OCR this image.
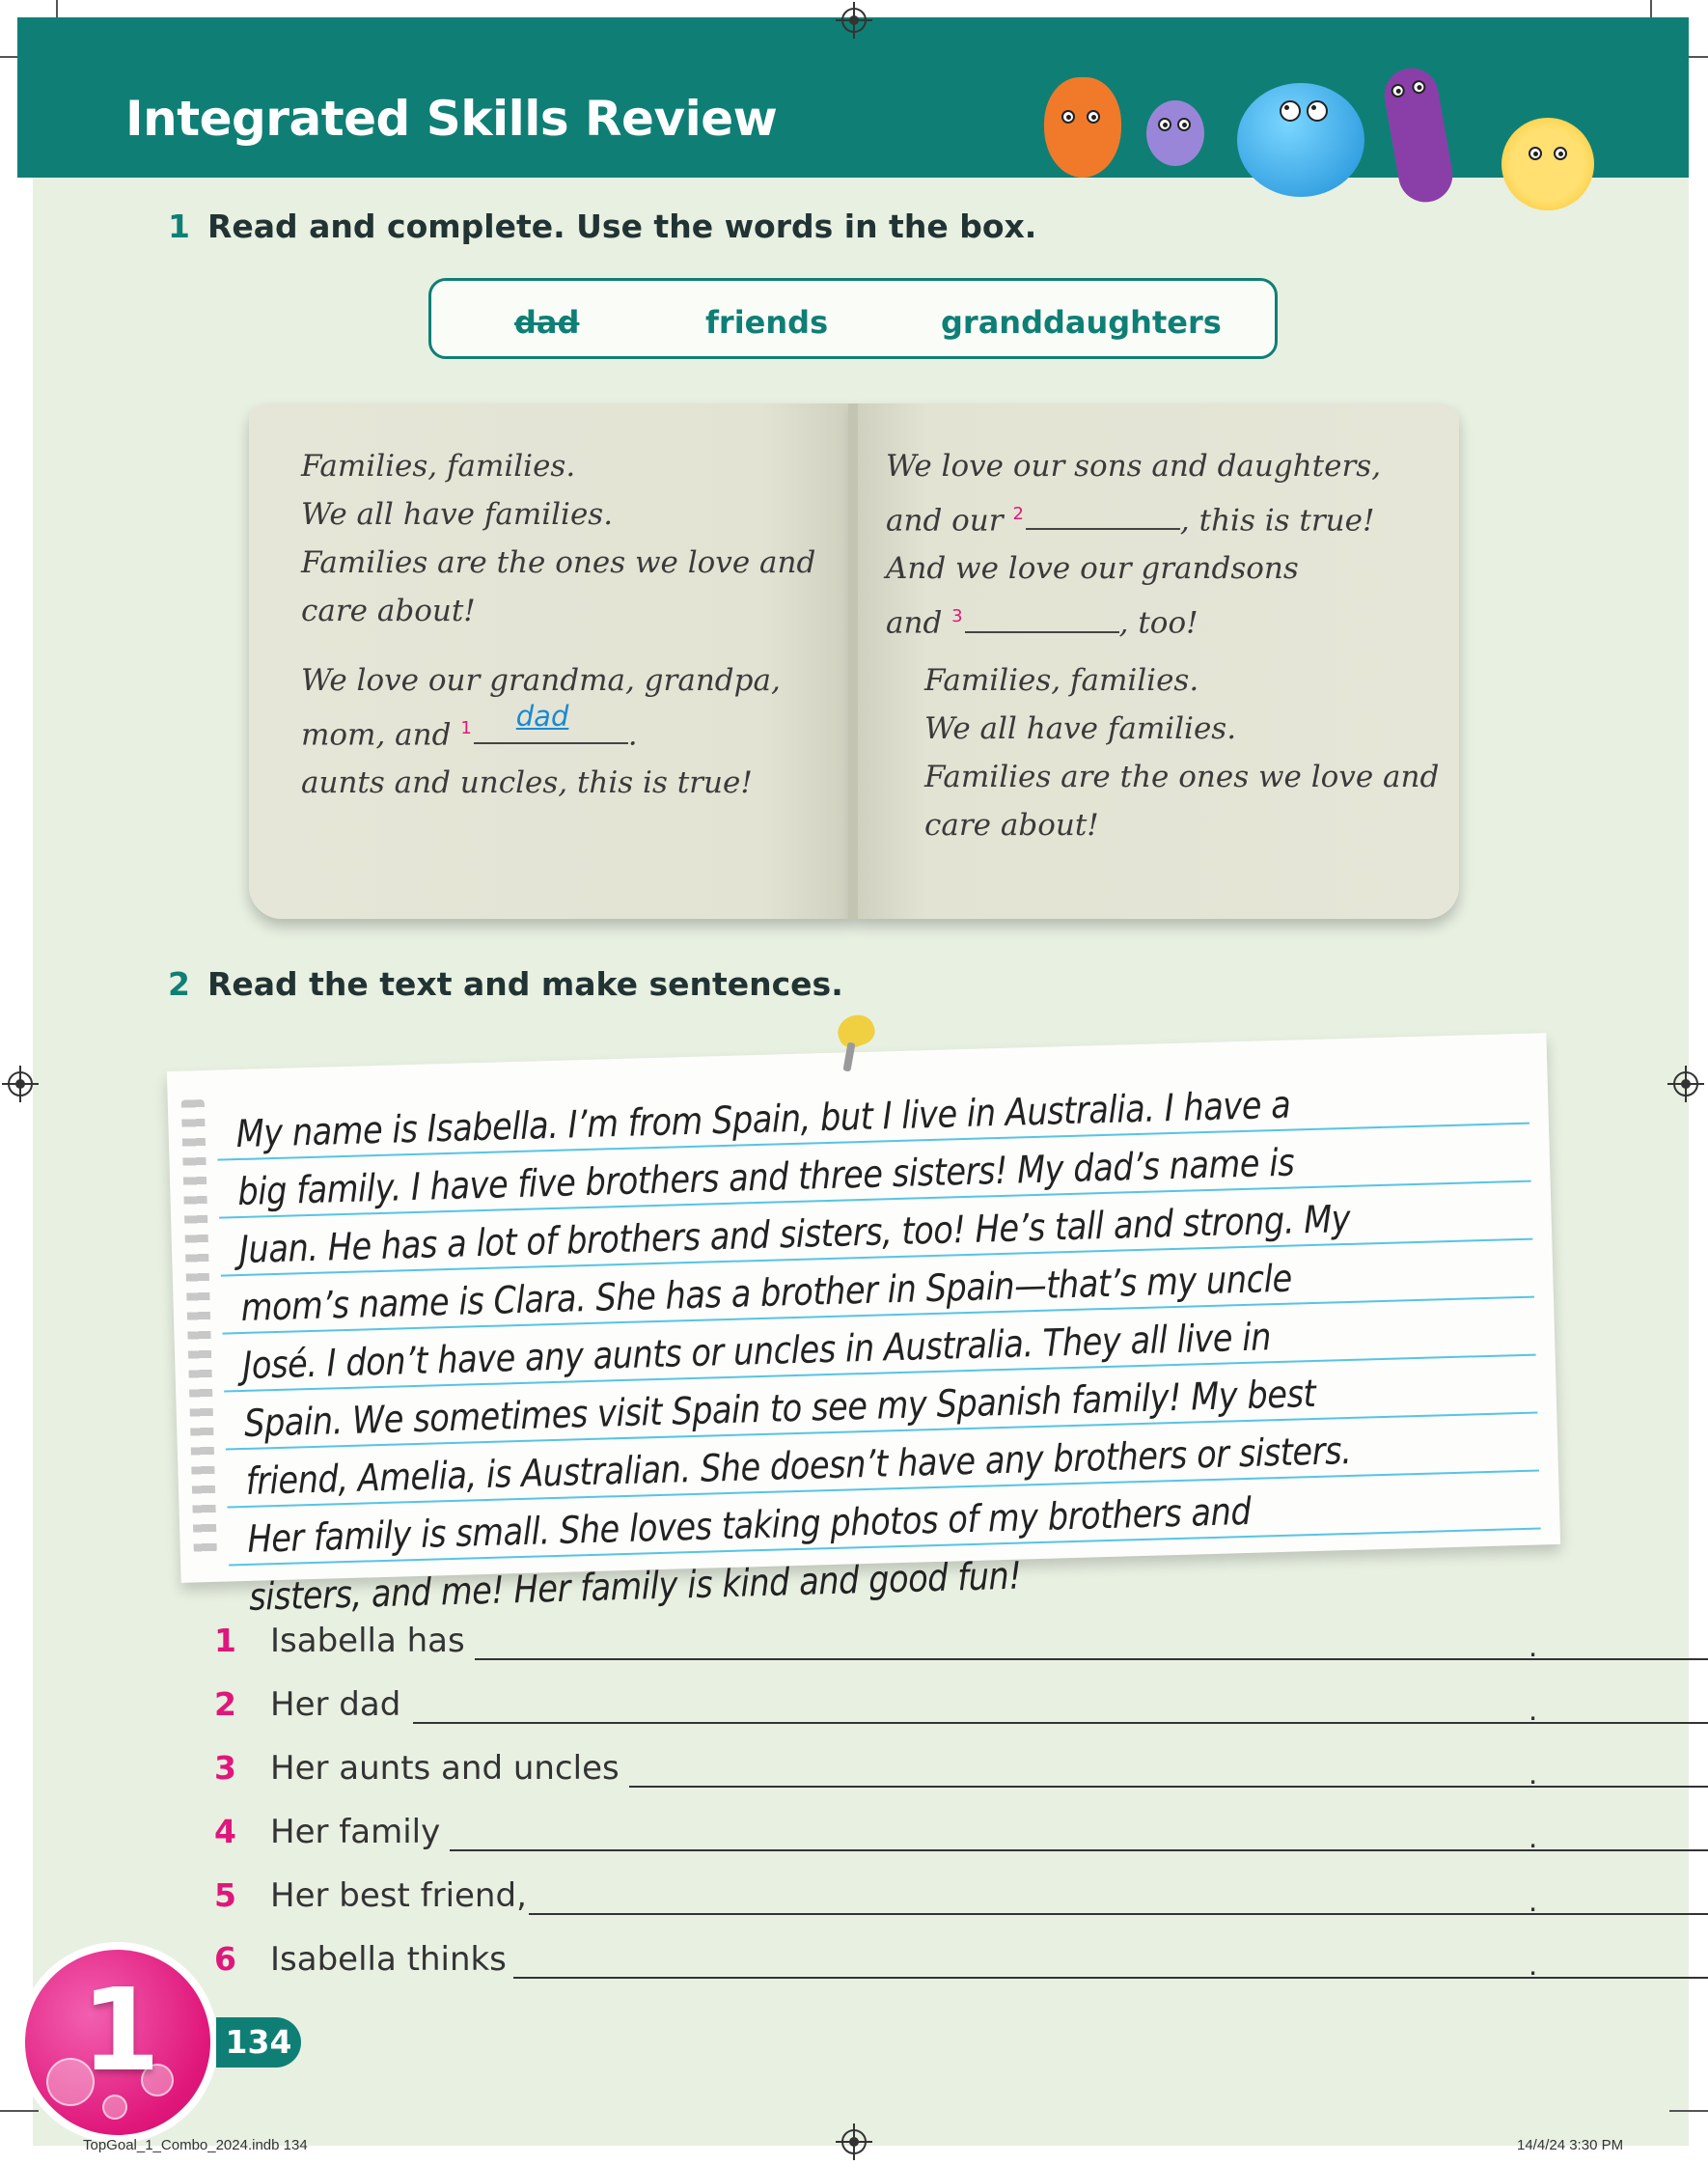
Integrated Skills Review
1 Read and complete. Use the words in the box.
dad	friends	granddaughters
Families, families.
We all have families.
Families are the ones we love and
care about!
We love our grandma, grandpa,
mom, and $^1$ dad
.
aunts and uncles, this is true!
We love our sons and daughters,
and our $^2$	, this is true!
And we love our grandsons
and $^3$	, too!
Families, families.
We all have families.
Families are the ones we love and
care about!
2 Read the text and make sentences.
My name is Isabella. I’m from Spain, but I live in Australia. I have a big family. I have five brothers and three sisters! My dad’s name is Juan. He has a lot of brothers and sisters, too! He’s tall and strong. My mom’s name is Clara. She has a brother in Spain—that’s my uncle José. I don’t have any aunts or uncles in Australia. They all live in Spain. We sometimes visit Spain to see my Spanish family! My best friend, Amelia, is Australian. She doesn’t have any brothers or sisters. Her family is small. She loves taking photos of my brothers and sisters, and me! Her family is kind and good fun!
1 Isabella has	.
2 Her dad	.
3 Her aunts and uncles	.
4 Her family	.
5 Her best friend,	.
6 Isabella thinks	.
1 134
TopGoal_1_Combo_2024.indb 134	14/4/24 3:30 PM
